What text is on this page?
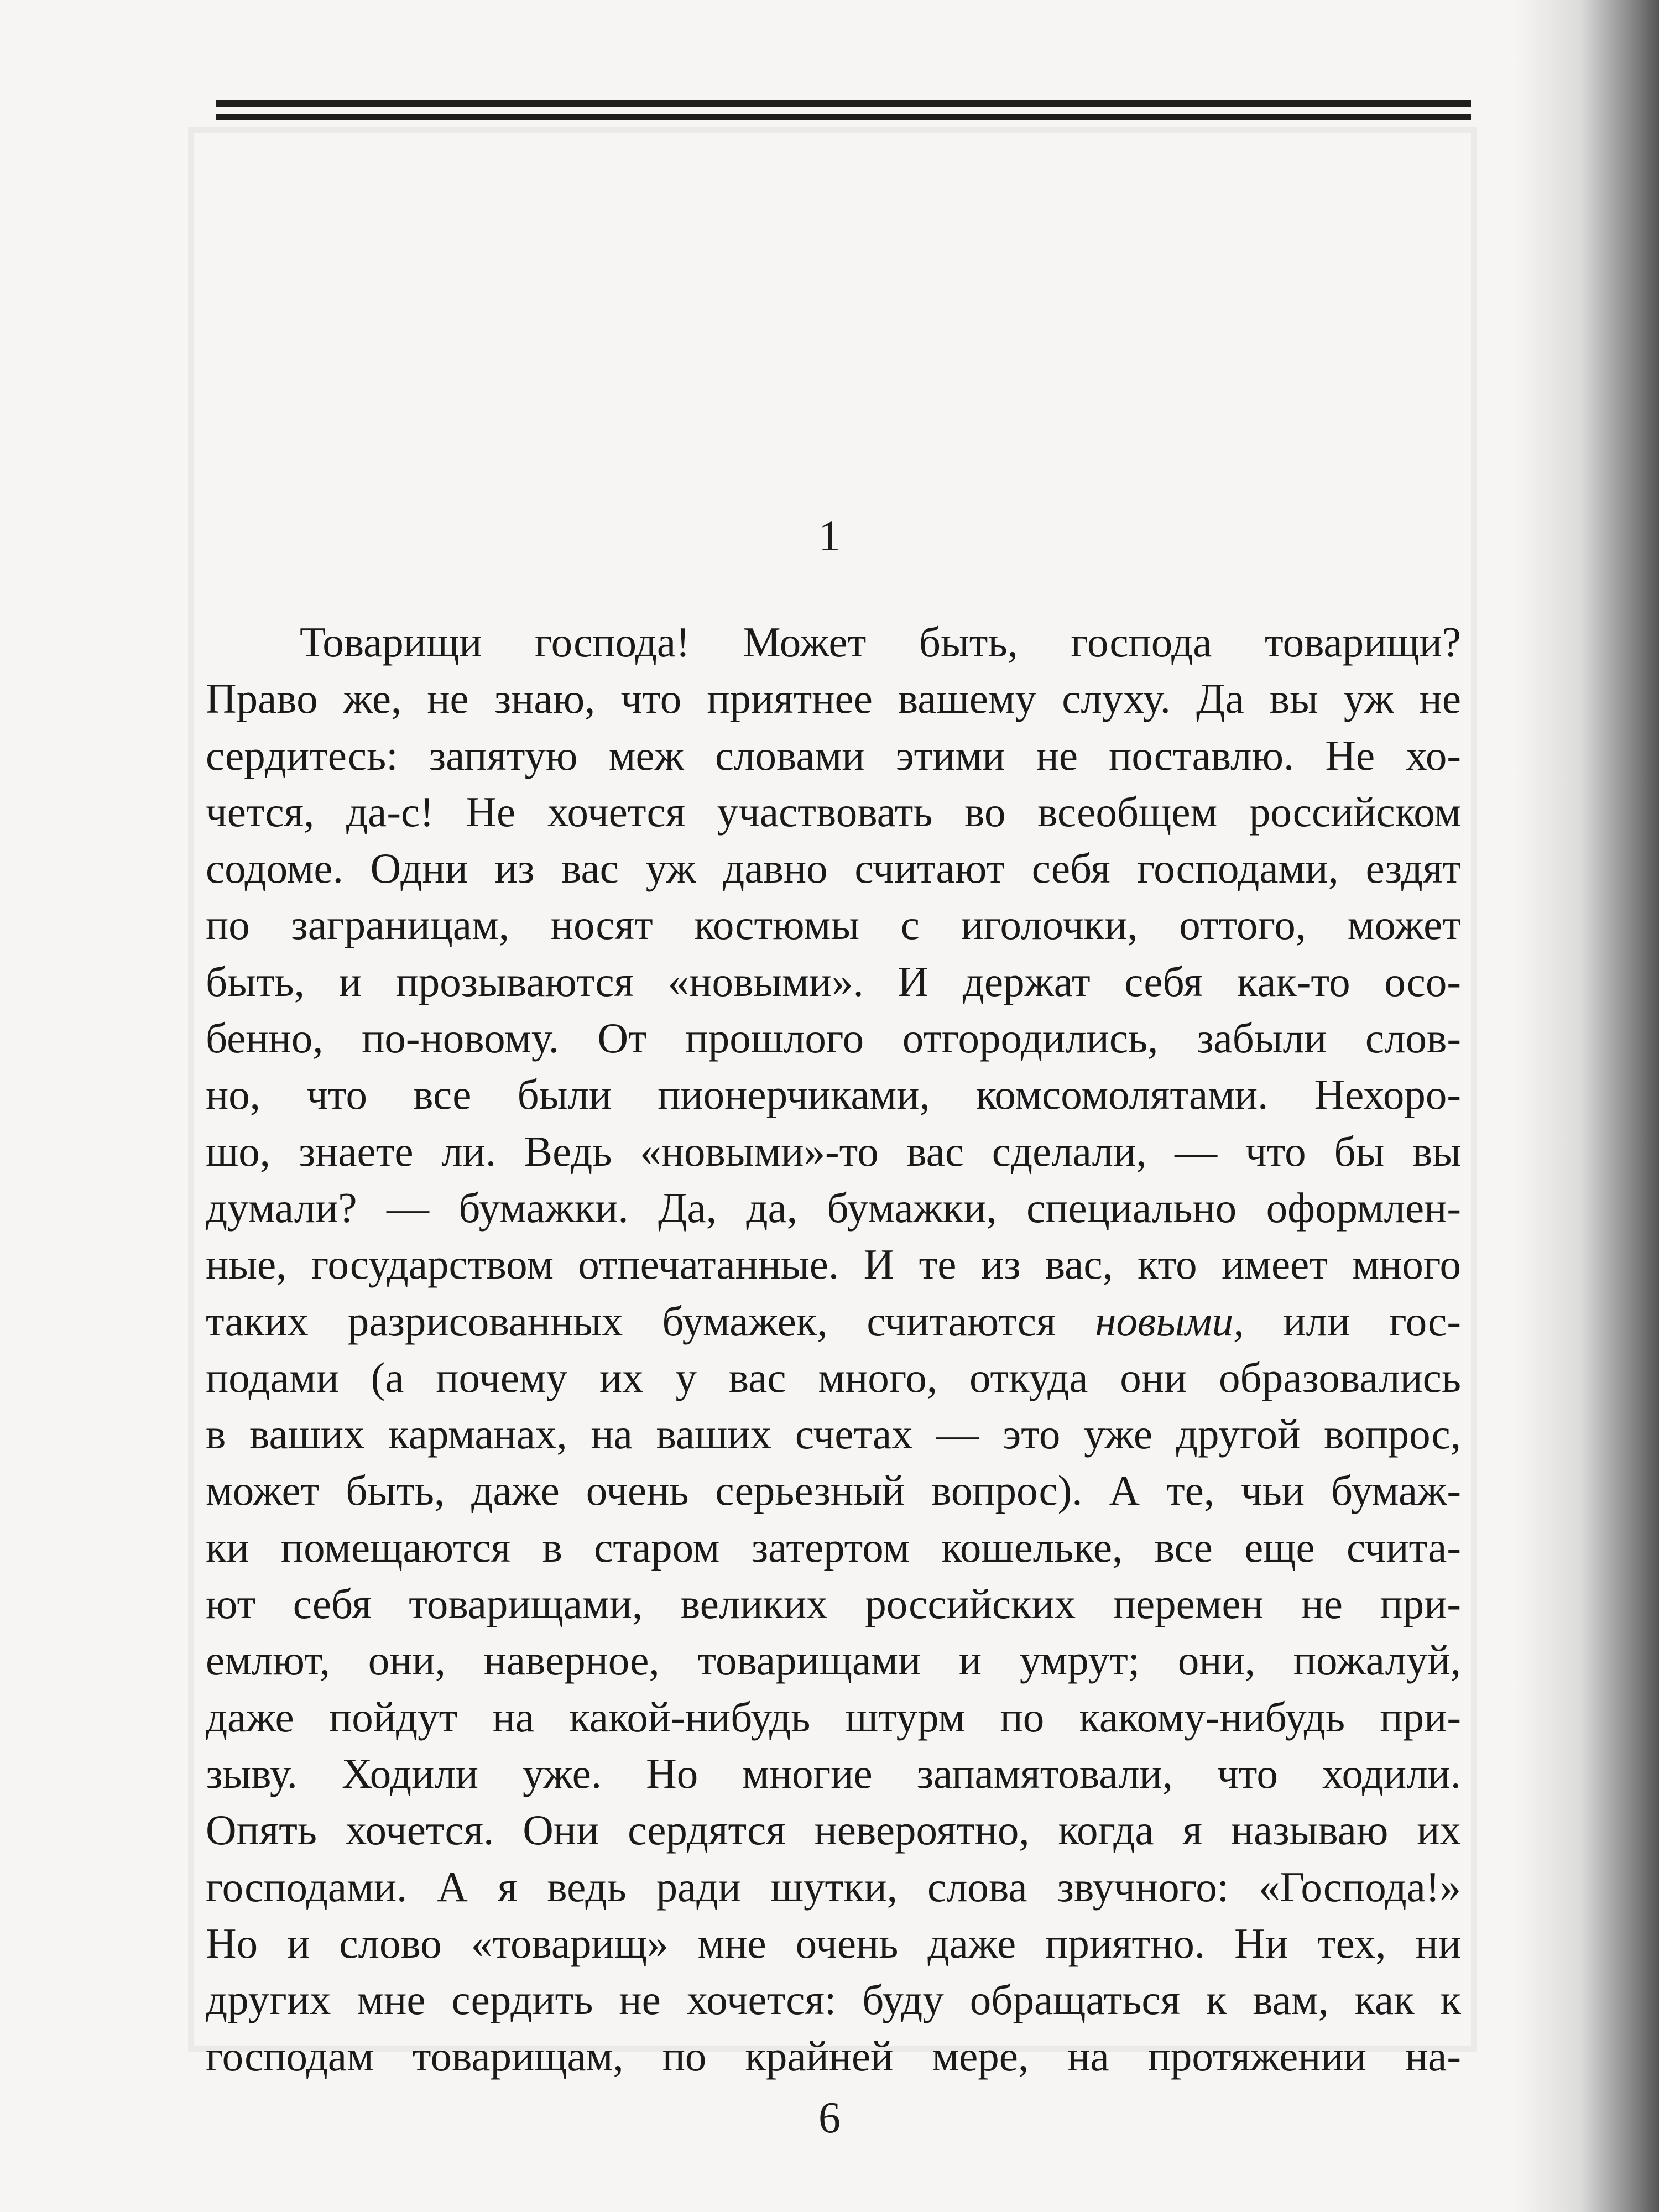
1
Товарищи господа! Может быть, господа товарищи?
Право же, не знаю, что приятнее вашему слуху. Да вы уж не
сердитесь: запятую меж словами этими не поставлю. Не хо-
чется, да-с! Не хочется участвовать во всеобщем российском
содоме. Одни из вас уж давно считают себя господами, ездят
по заграницам, носят костюмы с иголочки, оттого, может
быть, и прозываются «новыми». И держат себя как-то осо-
бенно, по-новому. От прошлого отгородились, забыли слов-
но, что все были пионерчиками, комсомолятами. Нехоро-
шо, знаете ли. Ведь «новыми»-то вас сделали, — что бы вы
думали? — бумажки. Да, да, бумажки, специально оформлен-
ные, государством отпечатанные. И те из вас, кто имеет много
таких разрисованных бумажек, считаются новыми, или гос-
подами (а почему их у вас много, откуда они образовались
в ваших карманах, на ваших счетах — это уже другой вопрос,
может быть, даже очень серьезный вопрос). А те, чьи бумаж-
ки помещаются в старом затертом кошельке, все еще счита-
ют себя товарищами, великих российских перемен не при-
емлют, они, наверное, товарищами и умрут; они, пожалуй,
даже пойдут на какой-нибудь штурм по какому-нибудь при-
зыву. Ходили уже. Но многие запамятовали, что ходили.
Опять хочется. Они сердятся невероятно, когда я называю их
господами. А я ведь ради шутки, слова звучного: «Господа!»
Но и слово «товарищ» мне очень даже приятно. Ни тех, ни
других мне сердить не хочется: буду обращаться к вам, как к
господам товарищам, по крайней мере, на протяжении на-
6
